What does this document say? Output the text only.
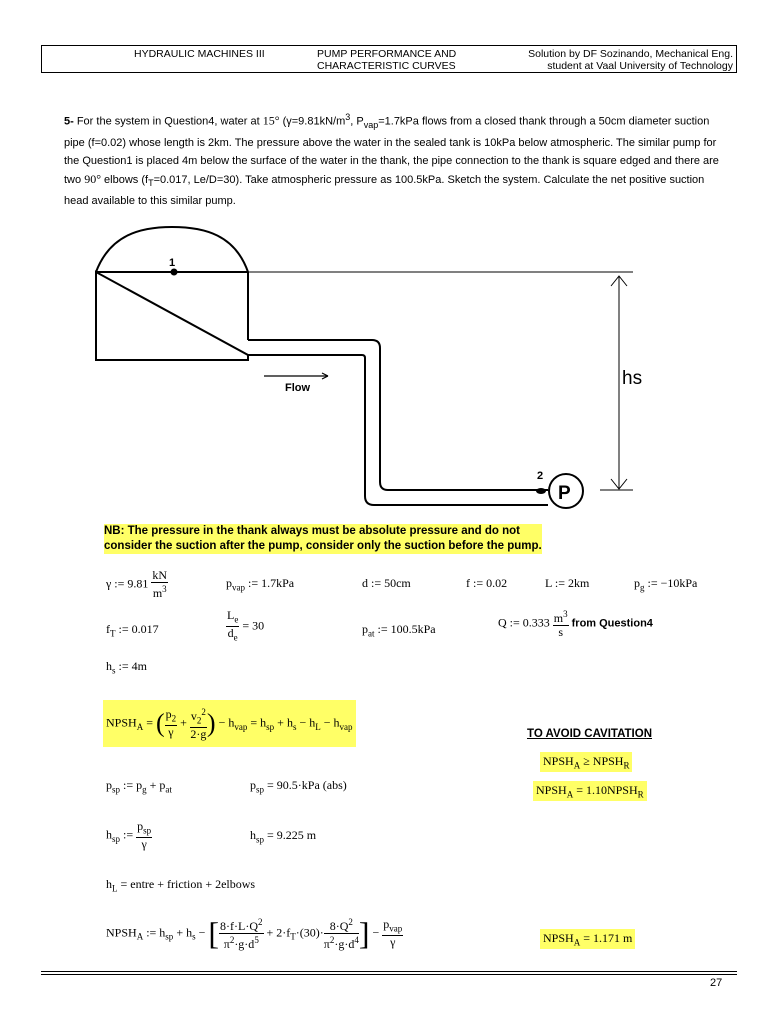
HYDRAULIC MACHINES III	PUMP PERFORMANCE AND
CHARACTERISTIC CURVES
Solution by DF Sozinando, Mechanical Eng.
student at Vaal University of Technology
5- For the system in Question4, water at 15° ($\gamma=9.81kN/m^3$, $P_{vap}=1.7kPa$ flows from a closed thank through a 50cm diameter suction pipe (f=0.02) whose length is 2km. The pressure above the water in the sealed tank is 10kPa below atmospheric. The similar pump for the Question1 is placed 4m below the surface of the water in the thank, the pipe connection to the thank is square edged and there are two 90° elbows ($f_T=0.017$, Le/D=30). Take atmospheric pressure as 100.5kPa. Sketch the system. Calculate the net positive suction head available to this similar pump.
P
1
2
Flow	hs
NB: The pressure in the thank always must be absolute pressure and do not
consider the suction after the pump, consider only the suction before the pump.
γ := $9.81 \frac{kN}{m^3}$	$p_{vap}$ := 1.7kPa	d := 50cm	f := 0.02	L := 2km	$p_g$ := −10kPa
$f_T$ := 0.017	$\frac{L_e}{d_e} = 30$	$p_{at}$ := 100.5kPa	Q := $0.333 \frac{m^3}{s}$ from Question4
$h_s$ := 4m
$NPSH_A$ = ( $\frac{p_2}{\gamma} + \frac{v_2^2}{2\cdot g}$ ) − $h_{vap} = h_{sp} + h_s - h_L - h_{vap}$
TO AVOID CAVITATION
$NPSH_A$ ≥ $NPSH_R$
$NPSH_A$ = $1.10NPSH_R$
$p_{sp}$ := $p_g + p_{at}$	$p_{sp} = 90.5\cdot kPa$ (abs)
$h_{sp}$ := $\frac{p_{sp}}{\gamma}$	$h_{sp} = 9.225$ m
$h_L$ = entre + friction + 2elbows
$NPSH_A$ := $h_{sp} + h_s$ − [ $\frac{8\cdot f\cdot L\cdot Q^2}{\pi^2\cdot g\cdot d^5} + 2\cdot f_T\cdot(30)\cdot \frac{8\cdot Q^2}{\pi^2\cdot g\cdot d^4}$ ] − $\frac{p_{vap}}{\gamma}$	$NPSH_A = 1.171$ m
27
